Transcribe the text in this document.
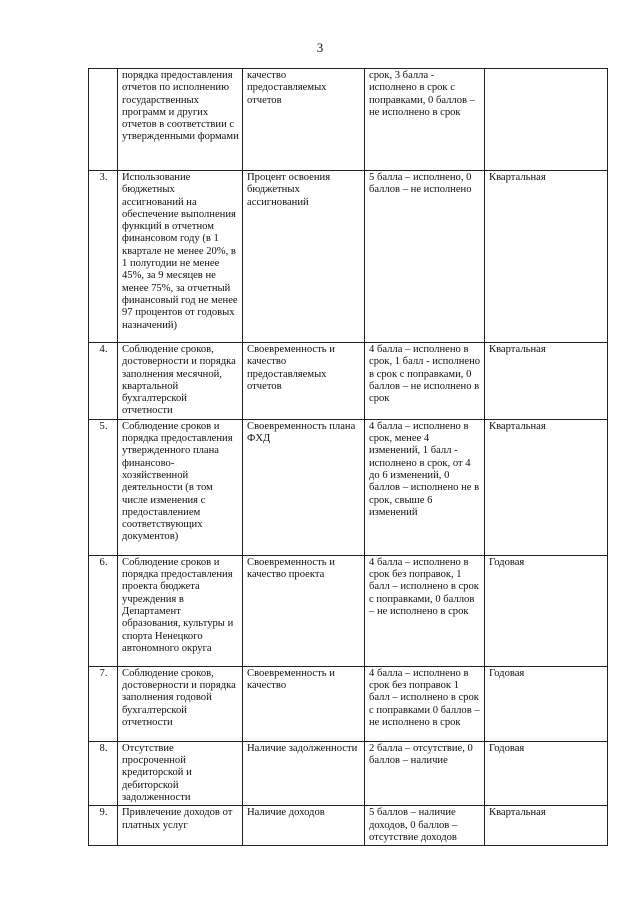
3
	порядка предоставления отчетов по исполнению государственных программ и других отчетов в соответствии с утвержденными формами	качество предоставляемых отчетов	срок, 3 балла - исполнено в срок с поправками, 0 баллов – не исполнено в срок	
3.	Использование бюджетных ассигнований на обеспечение выполнения функций в отчетном финансовом году (в 1 квартале не менее 20%, в 1 полугодии не менее 45%, за 9 месяцев не менее 75%, за отчетный финансовый год не менее 97 процентов от годовых назначений)	Процент освоения бюджетных ассигнований	5 балла – исполнено, 0 баллов – не исполнено	Квартальная
4.	Соблюдение сроков, достоверности и порядка заполнения месячной, квартальной бухгалтерской отчетности	Своевременность и качество предоставляемых отчетов	4 балла – исполнено в срок, 1 балл - исполнено в срок с поправками, 0 баллов – не исполнено в срок	Квартальная
5.	Соблюдение сроков и порядка предоставления утвержденного плана финансово-хозяйственной деятельности (в том числе изменения с предоставлением соответствующих документов)	Своевременность плана ФХД	4 балла – исполнено в срок, менее 4 изменений, 1 балл - исполнено в срок, от 4 до 6 изменений, 0 баллов – исполнено не в срок, свыше 6 изменений	Квартальная
6.	Соблюдение сроков и порядка предоставления проекта бюджета учреждения в Департамент образования, культуры и спорта Ненецкого автономного округа	Своевременность и качество проекта	4 балла – исполнено в срок без поправок, 1 балл – исполнено в срок с поправками, 0 баллов – не исполнено в срок	Годовая
7.	Соблюдение сроков, достоверности и порядка заполнения годовой бухгалтерской отчетности	Своевременность и качество	4 балла – исполнено в срок без поправок 1 балл – исполнено в срок с поправками 0 баллов – не исполнено в срок	Годовая
8.	Отсутствие просроченной кредиторской и дебиторской задолженности	Наличие задолженности	2 балла – отсутствие, 0 баллов – наличие	Годовая
9.	Привлечение доходов от платных услуг	Наличие доходов	5 баллов – наличие доходов, 0 баллов – отсутствие доходов	Квартальная
